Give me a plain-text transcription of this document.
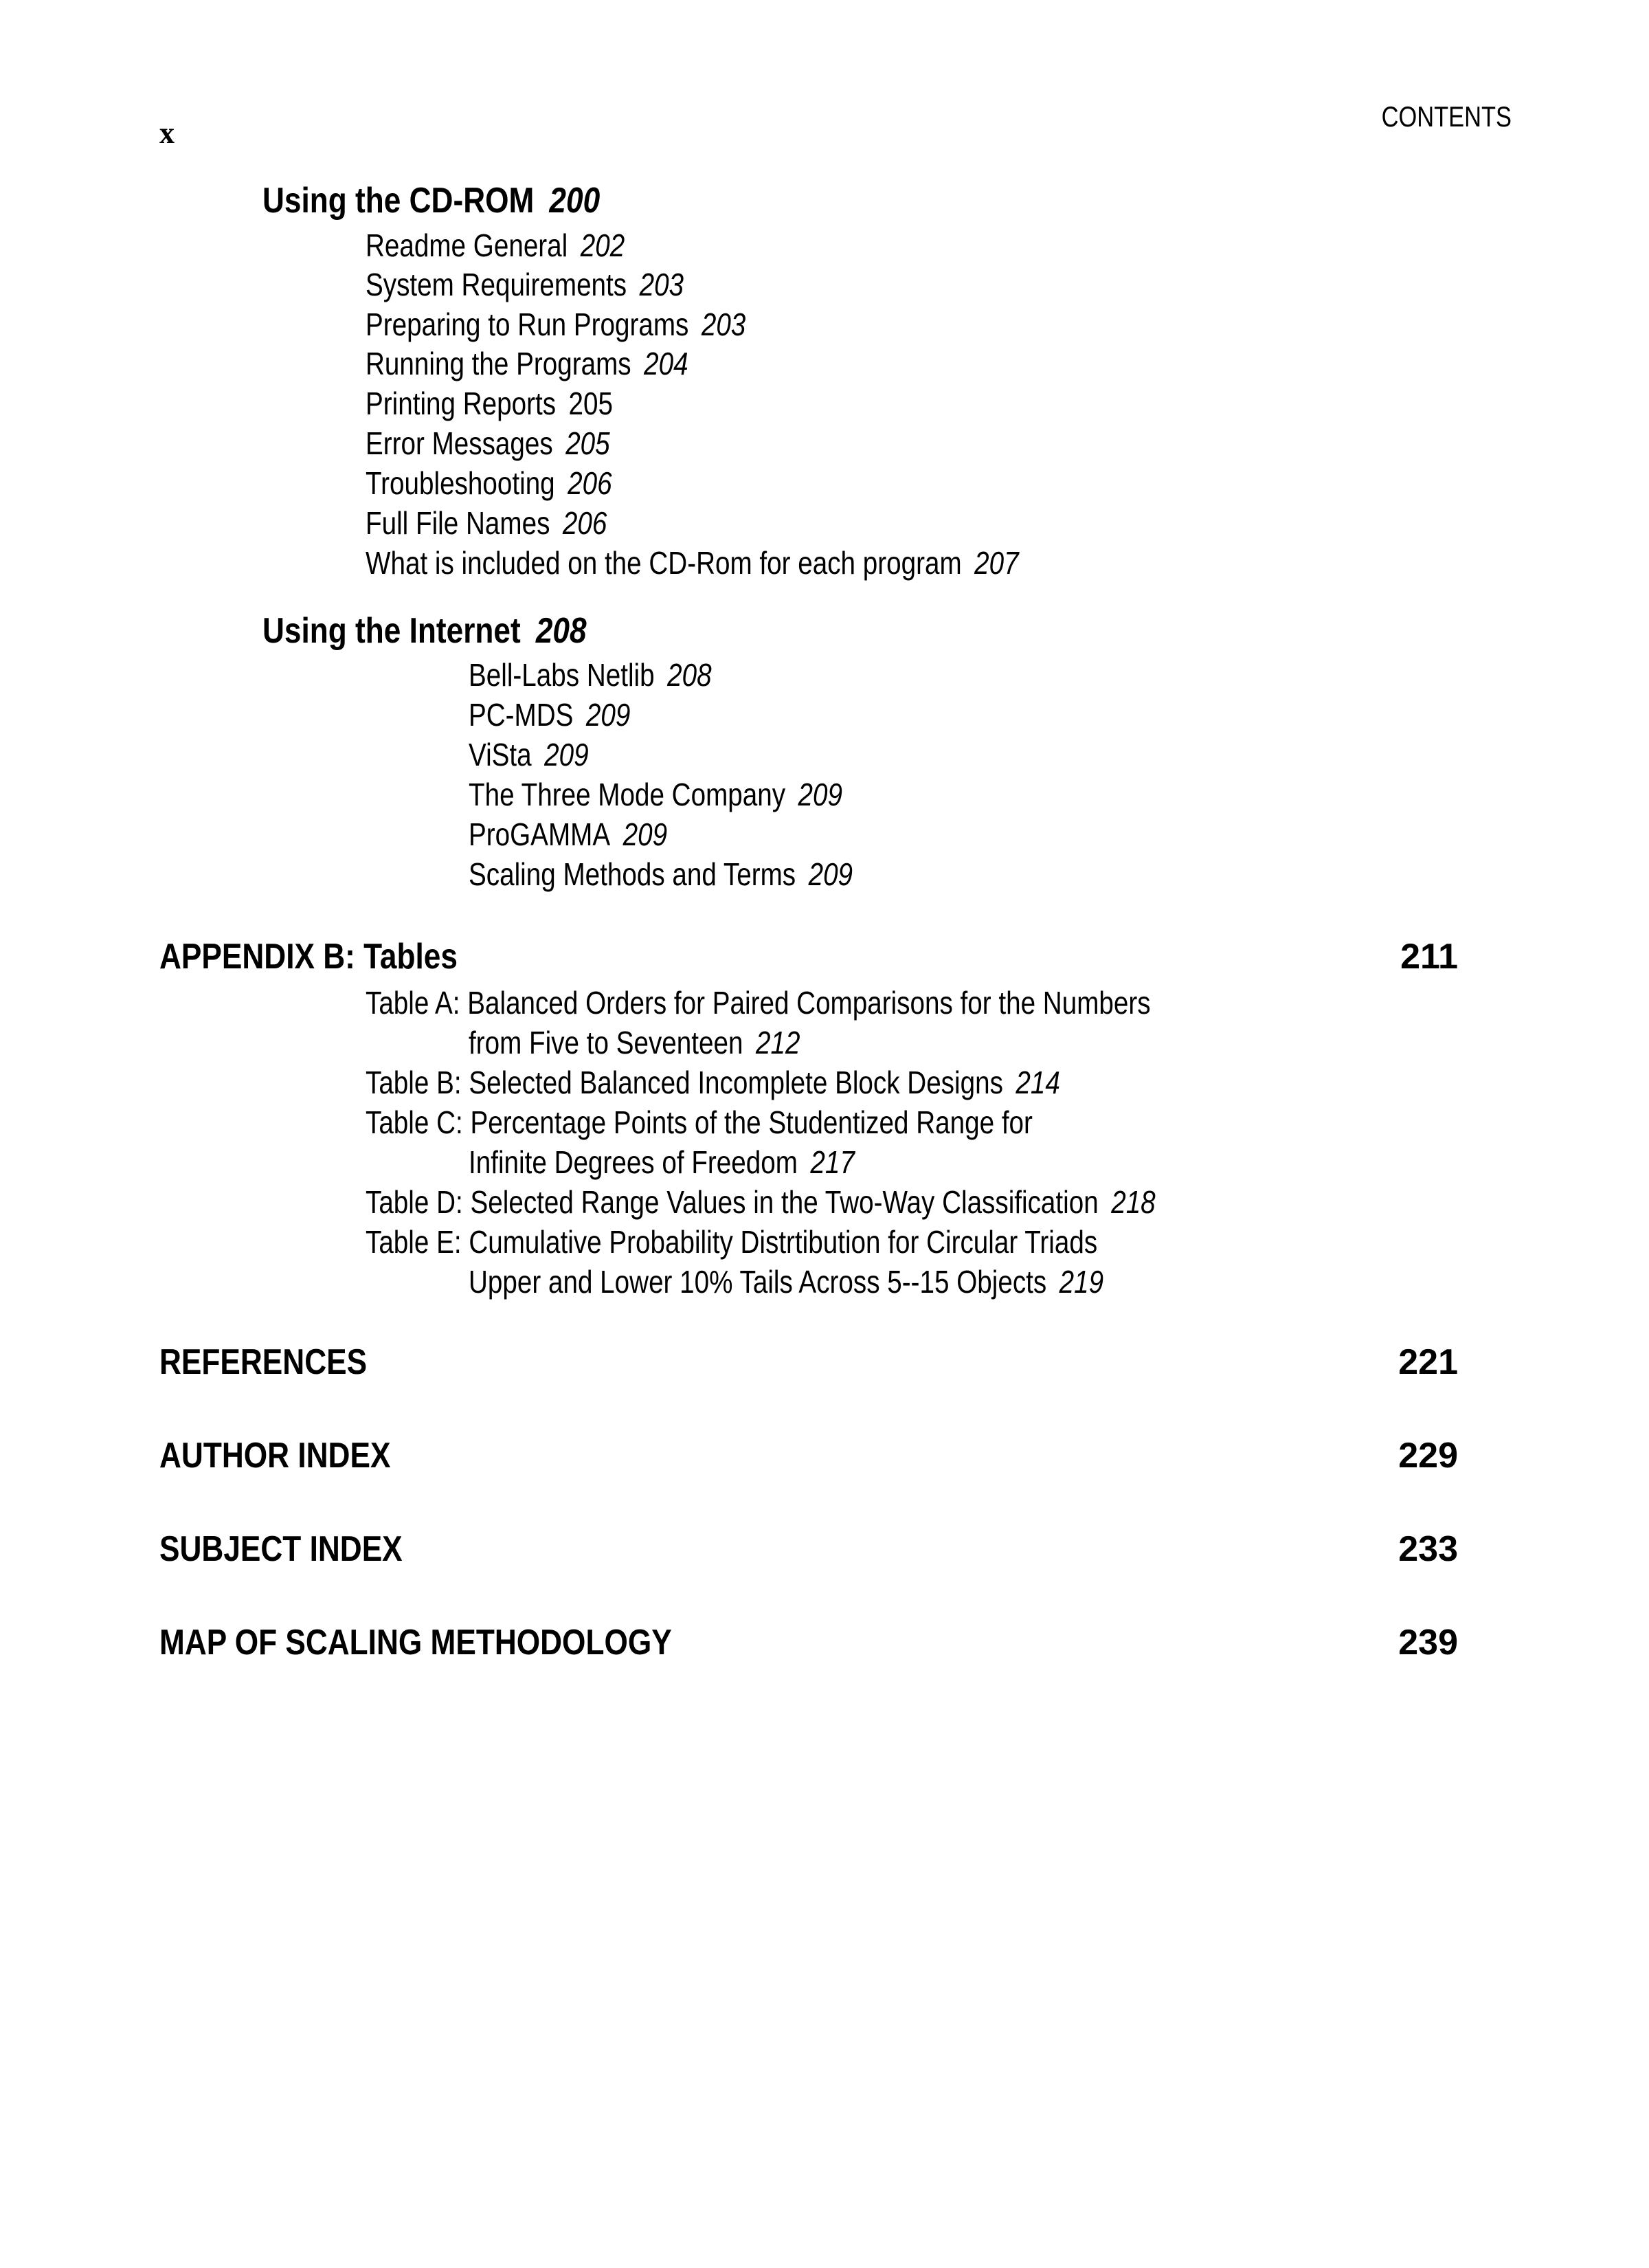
x	CONTENTS
Using the CD-ROM 200
Readme General 202
System Requirements 203
Preparing to Run Programs 203
Running the Programs 204
Printing Reports 205
Error Messages 205
Troubleshooting 206
Full File Names 206
What is included on the CD-Rom for each program 207
Using the Internet 208
Bell-Labs Netlib 208
PC-MDS 209
ViSta 209
The Three Mode Company 209
ProGAMMA 209
Scaling Methods and Terms 209
APPENDIX B: Tables	211
Table A: Balanced Orders for Paired Comparisons for the Numbers
from Five to Seventeen 212
Table B: Selected Balanced Incomplete Block Designs 214
Table C: Percentage Points of the Studentized Range for
Infinite Degrees of Freedom 217
Table D: Selected Range Values in the Two-Way Classification 218
Table E: Cumulative Probability Distrtibution for Circular Triads
Upper and Lower 10% Tails Across 5--15 Objects 219
REFERENCES	221
AUTHOR INDEX	229
SUBJECT INDEX	233
MAP OF SCALING METHODOLOGY	239
